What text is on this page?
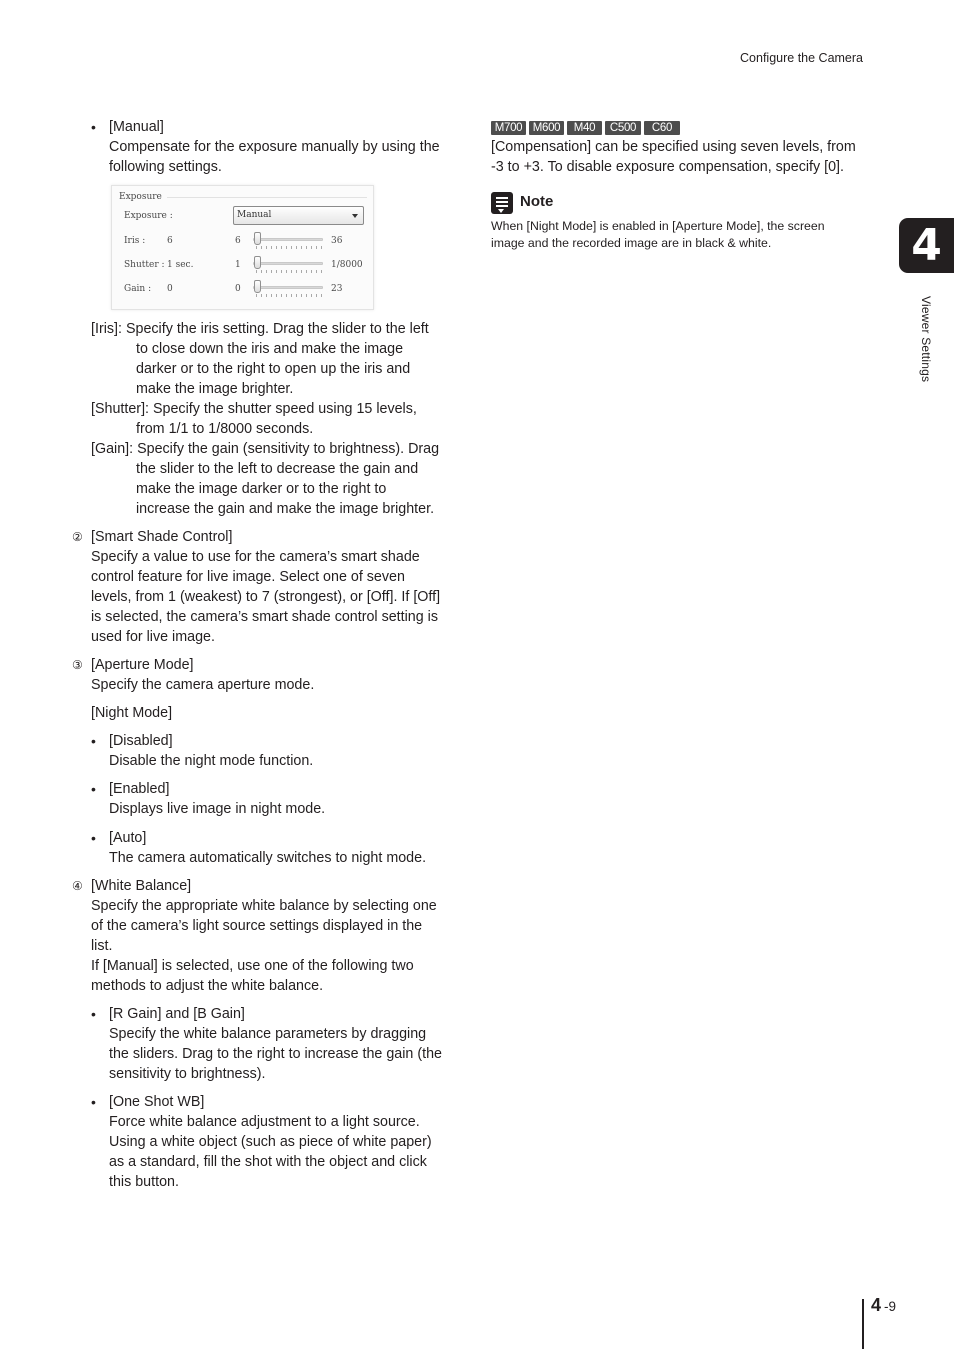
Configure the Camera
4
Viewer Settings
• [Manual]
Compensate for the exposure manually by using the
following settings.
Exposure
Exposure :	Manual
Iris : 6	6	36
Shutter : 1 sec.	1	1/8000
Gain : 0	0	23
[Iris]: Specify the iris setting. Drag the slider to the left
to close down the iris and make the image
darker or to the right to open up the iris and
make the image brighter.
[Shutter]: Specify the shutter speed using 15 levels,
from 1/1 to 1/8000 seconds.
[Gain]: Specify the gain (sensitivity to brightness). Drag
the slider to the left to decrease the gain and
make the image darker or to the right to
increase the gain and make the image brighter.
② [Smart Shade Control]
Specify a value to use for the camera’s smart shade
control feature for live image. Select one of seven
levels, from 1 (weakest) to 7 (strongest), or [Off]. If [Off]
is selected, the camera’s smart shade control setting is
used for live image.
③ [Aperture Mode]
Specify the camera aperture mode.
[Night Mode]
• [Disabled]
Disable the night mode function.
• [Enabled]
Displays live image in night mode.
• [Auto]
The camera automatically switches to night mode.
④ [White Balance]
Specify the appropriate white balance by selecting one
of the camera’s light source settings displayed in the
list.
If [Manual] is selected, use one of the following two
methods to adjust the white balance.
• [R Gain] and [B Gain]
Specify the white balance parameters by dragging
the sliders. Drag to the right to increase the gain (the
sensitivity to brightness).
• [One Shot WB]
Force white balance adjustment to a light source.
Using a white object (such as piece of white paper)
as a standard, fill the shot with the object and click
this button.
M700 M600	M40	C500	C60
[Compensation] can be specified using seven levels, from
-3 to +3. To disable exposure compensation, specify [0].
Note
When [Night Mode] is enabled in [Aperture Mode], the screen
image and the recorded image are in black & white.
4 -9
